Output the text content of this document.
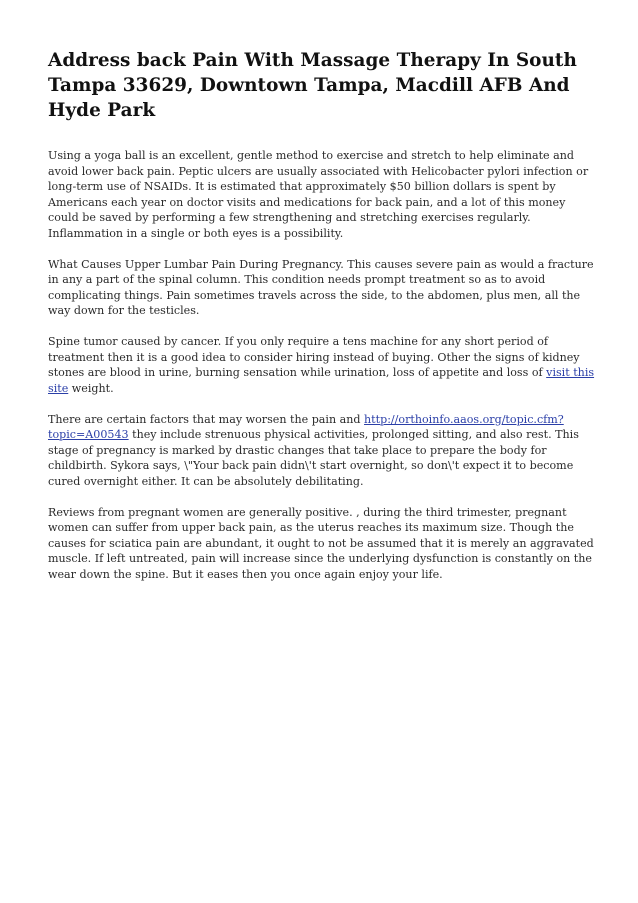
Address back Pain With Massage Therapy In South Tampa 33629, Downtown Tampa, Macdill AFB And Hyde Park

Using a yoga ball is an excellent, gentle method to exercise and stretch to help eliminate and avoid lower back pain. Peptic ulcers are usually associated with Helicobacter pylori infection or long-term use of NSAIDs. It is estimated that approximately $50 billion dollars is spent by Americans each year on doctor visits and medications for back pain, and a lot of this money could be saved by performing a few strengthening and stretching exercises regularly. Inflammation in a single or both eyes is a possibility.

What Causes Upper Lumbar Pain During Pregnancy. This causes severe pain as would a fracture in any a part of the spinal column. This condition needs prompt treatment so as to avoid complicating things. Pain sometimes travels across the side, to the abdomen, plus men, all the way down for the testicles.

Spine tumor caused by cancer. If you only require a tens machine for any short period of treatment then it is a good idea to consider hiring instead of buying. Other the signs of kidney stones are blood in urine, burning sensation while urination, loss of appetite and loss of visit this site weight.

There are certain factors that may worsen the pain and http://orthoinfo.aaos.org/topic.cfm?topic=A00543 they include strenuous physical activities, prolonged sitting, and also rest. This stage of pregnancy is marked by drastic changes that take place to prepare the body for childbirth. Sykora says, \"Your back pain didn\'t start overnight, so don\'t expect it to become cured overnight either. It can be absolutely debilitating.

Reviews from pregnant women are generally positive. , during the third trimester, pregnant women can suffer from upper back pain, as the uterus reaches its maximum size. Though the causes for sciatica pain are abundant, it ought to not be assumed that it is merely an aggravated muscle. If left untreated, pain will increase since the underlying dysfunction is constantly on the wear down the spine. But it eases then you once again enjoy your life.
